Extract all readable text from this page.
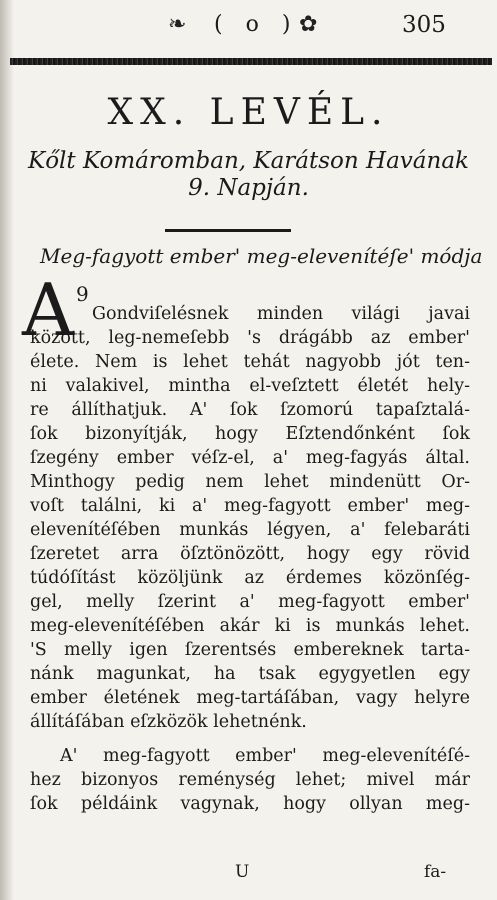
❧ ( o ) ✿	305
XX. LEVÉL.
Kőlt Komáromban, Karátson Havának
9. Napján.
Meg-fagyott ember' meg-elevenítéſe' módja
A 9
Gondviſelésnek minden világi javai
között, leg-nemeſebb 's drágább az ember'
élete. Nem is lehet tehát nagyobb jót ten-
ni valakivel, mintha el-veſztett életét hely-
re állíthatjuk. A' ſok ſzomorú tapaſztalá-
ſok bizonyítják, hogy Eſztendőnként ſok
ſzegény ember véſz-el, a' meg-fagyás által.
Minthogy pedig nem lehet mindenütt Or-
voſt találni, ki a' meg-fagyott ember' meg-
elevenítéſében munkás légyen, a' felebaráti
ſzeretet arra öſztönözött, hogy egy rövid
túdóſítást közöljünk az érdemes közönſég-
gel, melly ſzerint a' meg-fagyott ember'
meg-elevenítéſében akár ki is munkás lehet.
'S melly igen ſzerentsés embereknek tarta-
nánk magunkat, ha tsak egygyetlen egy
ember életének meg-tartáſában, vagy helyre
állítáſában eſzközök lehetnénk.
A' meg-fagyott ember' meg-elevenítéſé-
hez bizonyos reménység lehet; mivel már
ſok példáink vagynak, hogy ollyan meg-
U	fa-
